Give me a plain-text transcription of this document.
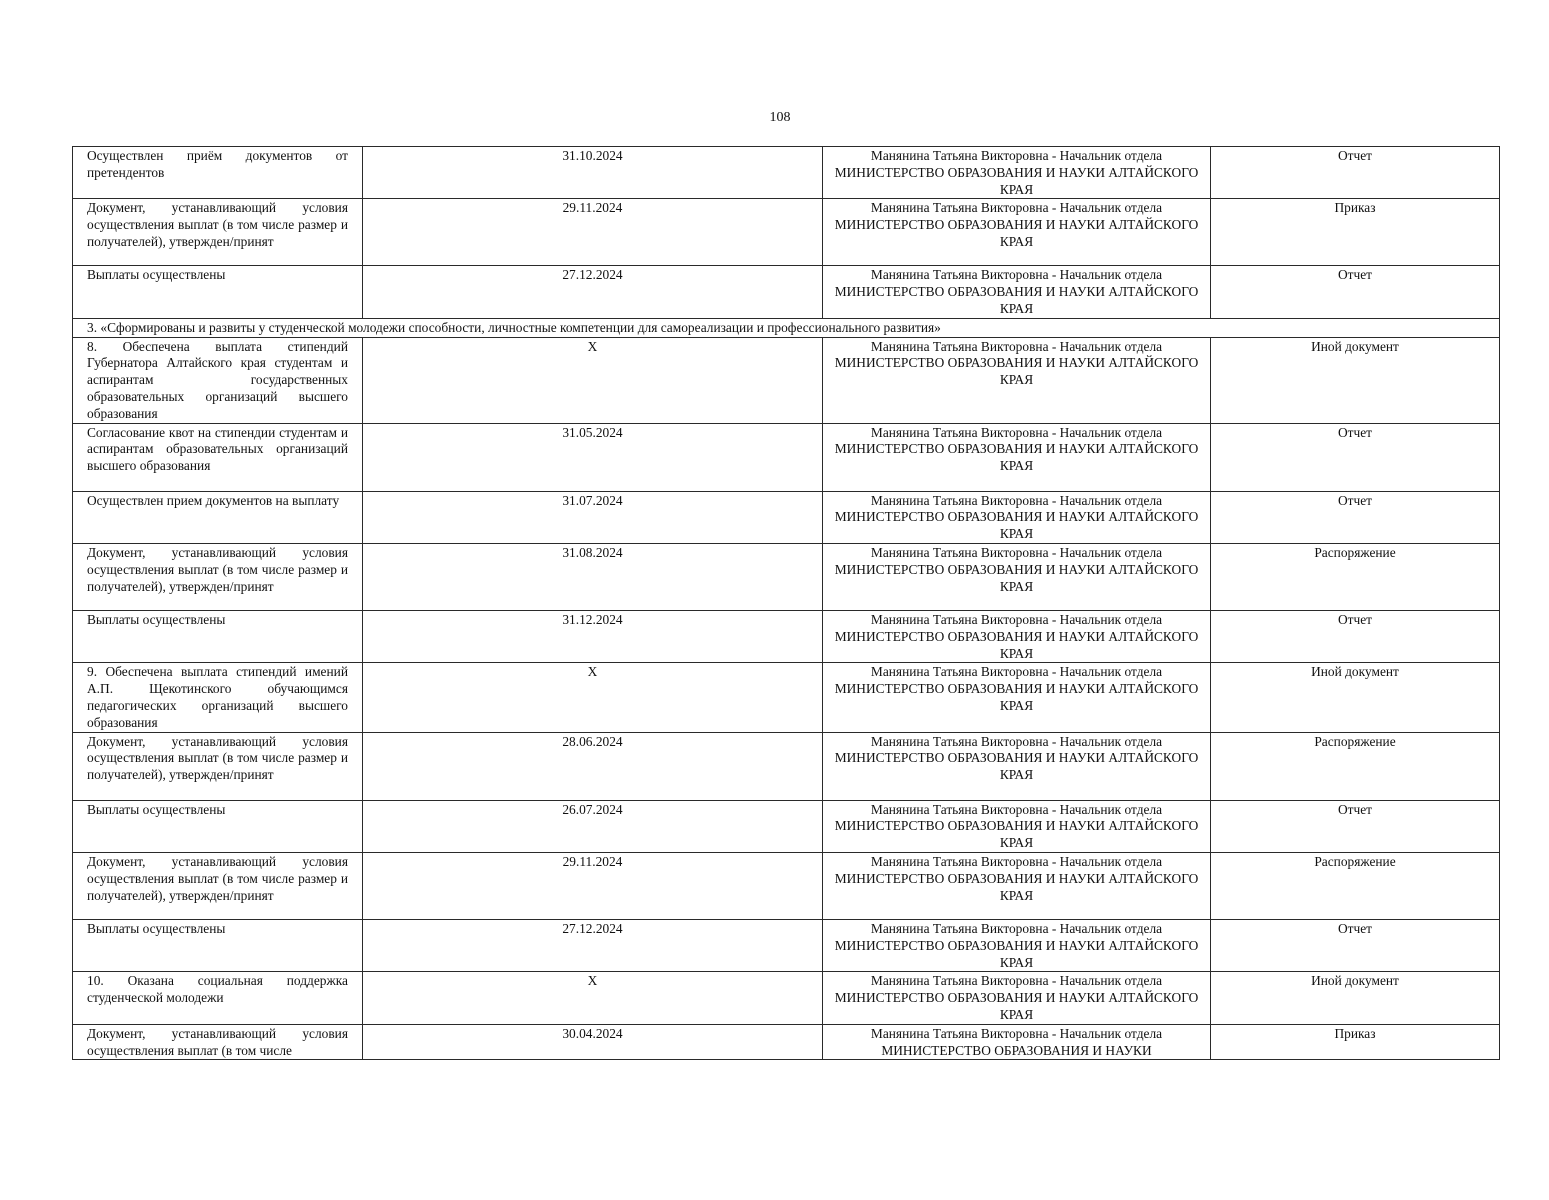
108
Осуществлен приём документов от претендентов	31.10.2024	Манянина Татьяна Викторовна - Начальник отдела МИНИСТЕРСТВО ОБРАЗОВАНИЯ И НАУКИ АЛТАЙСКОГО КРАЯ	Отчет

Документ, устанавливающий условия осуществления выплат (в том числе размер и получателей), утвержден/принят	29.11.2024	Манянина Татьяна Викторовна - Начальник отдела МИНИСТЕРСТВО ОБРАЗОВАНИЯ И НАУКИ АЛТАЙСКОГО КРАЯ	Приказ

Выплаты осуществлены	27.12.2024	Манянина Татьяна Викторовна - Начальник отдела МИНИСТЕРСТВО ОБРАЗОВАНИЯ И НАУКИ АЛТАЙСКОГО КРАЯ	Отчет

3. «Сформированы и развиты у студенческой молодежи способности, личностные компетенции для самореализации и профессионального развития»			

8. Обеспечена выплата стипендий Губернатора Алтайского края студентам и аспирантам государственных образовательных организаций высшего образования	X	Манянина Татьяна Викторовна - Начальник отдела МИНИСТЕРСТВО ОБРАЗОВАНИЯ И НАУКИ АЛТАЙСКОГО КРАЯ	Иной документ

Согласование квот на стипендии студентам и аспирантам образовательных организаций высшего образования	31.05.2024	Манянина Татьяна Викторовна - Начальник отдела МИНИСТЕРСТВО ОБРАЗОВАНИЯ И НАУКИ АЛТАЙСКОГО КРАЯ	Отчет

Осуществлен прием документов на выплату	31.07.2024	Манянина Татьяна Викторовна - Начальник отдела МИНИСТЕРСТВО ОБРАЗОВАНИЯ И НАУКИ АЛТАЙСКОГО КРАЯ	Отчет

Документ, устанавливающий условия осуществления выплат (в том числе размер и получателей), утвержден/принят	31.08.2024	Манянина Татьяна Викторовна - Начальник отдела МИНИСТЕРСТВО ОБРАЗОВАНИЯ И НАУКИ АЛТАЙСКОГО КРАЯ	Распоряжение

Выплаты осуществлены	31.12.2024	Манянина Татьяна Викторовна - Начальник отдела МИНИСТЕРСТВО ОБРАЗОВАНИЯ И НАУКИ АЛТАЙСКОГО КРАЯ	Отчет

9. Обеспечена выплата стипендий имений А.П. Щекотинского обучающимся педагогических организаций высшего образования	X	Манянина Татьяна Викторовна - Начальник отдела МИНИСТЕРСТВО ОБРАЗОВАНИЯ И НАУКИ АЛТАЙСКОГО КРАЯ	Иной документ

Документ, устанавливающий условия осуществления выплат (в том числе размер и получателей), утвержден/принят	28.06.2024	Манянина Татьяна Викторовна - Начальник отдела МИНИСТЕРСТВО ОБРАЗОВАНИЯ И НАУКИ АЛТАЙСКОГО КРАЯ	Распоряжение

Выплаты осуществлены	26.07.2024	Манянина Татьяна Викторовна - Начальник отдела МИНИСТЕРСТВО ОБРАЗОВАНИЯ И НАУКИ АЛТАЙСКОГО КРАЯ	Отчет

Документ, устанавливающий условия осуществления выплат (в том числе размер и получателей), утвержден/принят	29.11.2024	Манянина Татьяна Викторовна - Начальник отдела МИНИСТЕРСТВО ОБРАЗОВАНИЯ И НАУКИ АЛТАЙСКОГО КРАЯ	Распоряжение

Выплаты осуществлены	27.12.2024	Манянина Татьяна Викторовна - Начальник отдела МИНИСТЕРСТВО ОБРАЗОВАНИЯ И НАУКИ АЛТАЙСКОГО КРАЯ	Отчет

10. Оказана социальная поддержка студенческой молодежи	X	Манянина Татьяна Викторовна - Начальник отдела МИНИСТЕРСТВО ОБРАЗОВАНИЯ И НАУКИ АЛТАЙСКОГО КРАЯ	Иной документ

Документ, устанавливающий условия осуществления выплат (в том числе	30.04.2024	Манянина Татьяна Викторовна - Начальник отдела МИНИСТЕРСТВО ОБРАЗОВАНИЯ И НАУКИ	Приказ
